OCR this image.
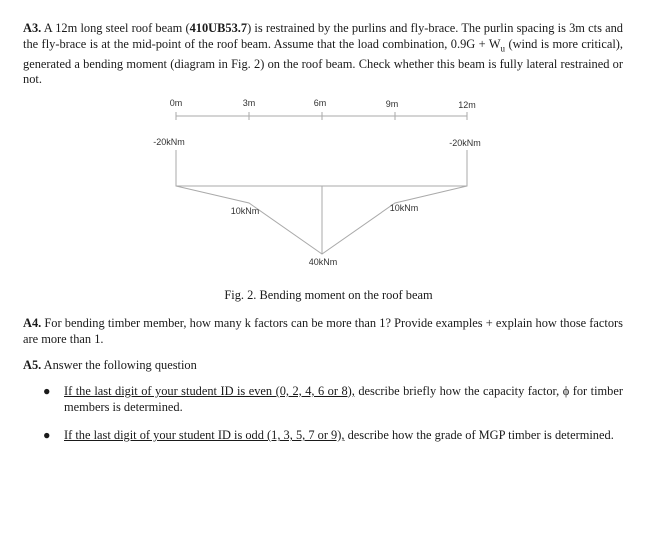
A3. A 12m long steel roof beam (410UB53.7) is restrained by the purlins and fly-brace. The purlin spacing is 3m cts and the fly-brace is at the mid-point of the roof beam. Assume that the load combination, $0.9G + W_u$ (wind is more critical), generated a bending moment (diagram in Fig. 2) on the roof beam. Check whether this beam is fully lateral restrained or not.

0m	3m	6m	9m	12m
-20kNm	-20kNm
10kNm	10kNm
40kNm
Fig. 2. Bending moment on the roof beam

A4. For bending timber member, how many k factors can be more than 1? Provide examples + explain how those factors are more than 1.

A5. Answer the following question

● If the last digit of your student ID is even (0, 2, 4, 6 or 8), describe briefly how the capacity factor, ϕ for timber members is determined.
● If the last digit of your student ID is odd (1, 3, 5, 7 or 9), describe how the grade of MGP timber is determined.
